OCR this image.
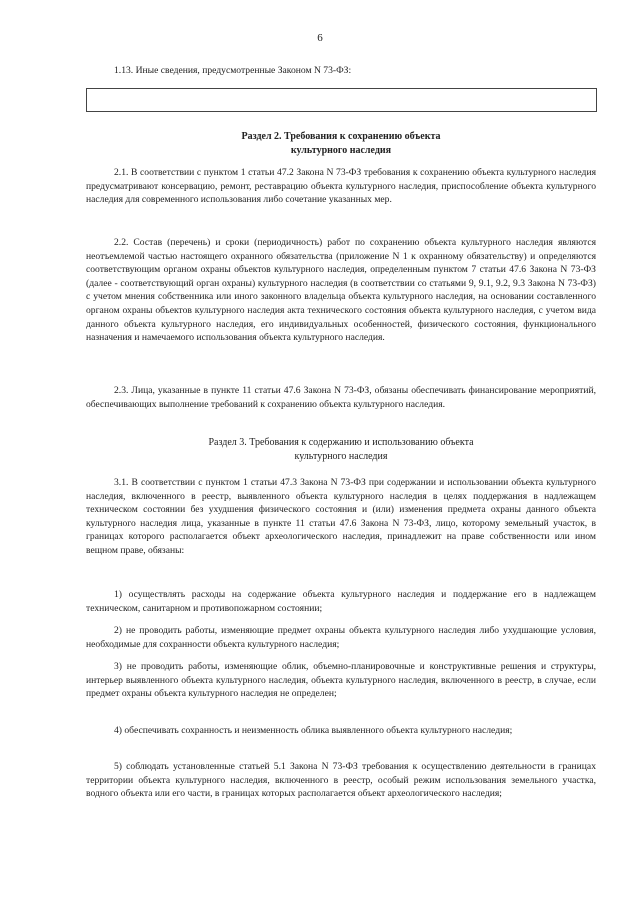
6

1.13. Иные сведения, предусмотренные Законом N 73-ФЗ:

Раздел 2. Требования к сохранению объекта

культурного наследия

2.1. В соответствии с пунктом 1 статьи 47.2 Закона N 73-ФЗ требования к сохранению объекта культурного наследия предусматривают консервацию, ремонт, реставрацию объекта культурного наследия, приспособление объекта культурного наследия для современного использования либо сочетание указанных мер.

2.2. Состав (перечень) и сроки (периодичность) работ по сохранению объекта культурного наследия являются неотъемлемой частью настоящего охранного обязательства (приложение N 1 к охранному обязательству) и определяются соответствующим органом охраны объектов культурного наследия, определенным пунктом 7 статьи 47.6 Закона N 73-ФЗ (далее - соответствующий орган охраны) культурного наследия (в соответствии со статьями 9, 9.1, 9.2, 9.3 Закона N 73-ФЗ) с учетом мнения собственника или иного законного владельца объекта культурного наследия, на основании составленного органом охраны объектов культурного наследия акта технического состояния объекта культурного наследия, с учетом вида данного объекта культурного наследия, его индивидуальных особенностей, физического состояния, функционального назначения и намечаемого использования объекта культурного наследия.

2.3. Лица, указанные в пункте 11 статьи 47.6 Закона N 73-ФЗ, обязаны обеспечивать финансирование мероприятий, обеспечивающих выполнение требований к сохранению объекта культурного наследия.

Раздел 3. Требования к содержанию и использованию объекта

культурного наследия

3.1. В соответствии с пунктом 1 статьи 47.3 Закона N 73-ФЗ при содержании и использовании объекта культурного наследия, включенного в реестр, выявленного объекта культурного наследия в целях поддержания в надлежащем техническом состоянии без ухудшения физического состояния и (или) изменения предмета охраны данного объекта культурного наследия лица, указанные в пункте 11 статьи 47.6 Закона N 73-ФЗ, лицо, которому земельный участок, в границах которого располагается объект археологического наследия, принадлежит на праве собственности или ином вещном праве, обязаны:

1) осуществлять расходы на содержание объекта культурного наследия и поддержание его в надлежащем техническом, санитарном и противопожарном состоянии;

2) не проводить работы, изменяющие предмет охраны объекта культурного наследия либо ухудшающие условия, необходимые для сохранности объекта культурного наследия;

3) не проводить работы, изменяющие облик, объемно-планировочные и конструктивные решения и структуры, интерьер выявленного объекта культурного наследия, объекта культурного наследия, включенного в реестр, в случае, если предмет охраны объекта культурного наследия не определен;

4) обеспечивать сохранность и неизменность облика выявленного объекта культурного наследия;

5) соблюдать установленные статьей 5.1 Закона N 73-ФЗ требования к осуществлению деятельности в границах территории объекта культурного наследия, включенного в реестр, особый режим использования земельного участка, водного объекта или его части, в границах которых располагается объект археологического наследия;
